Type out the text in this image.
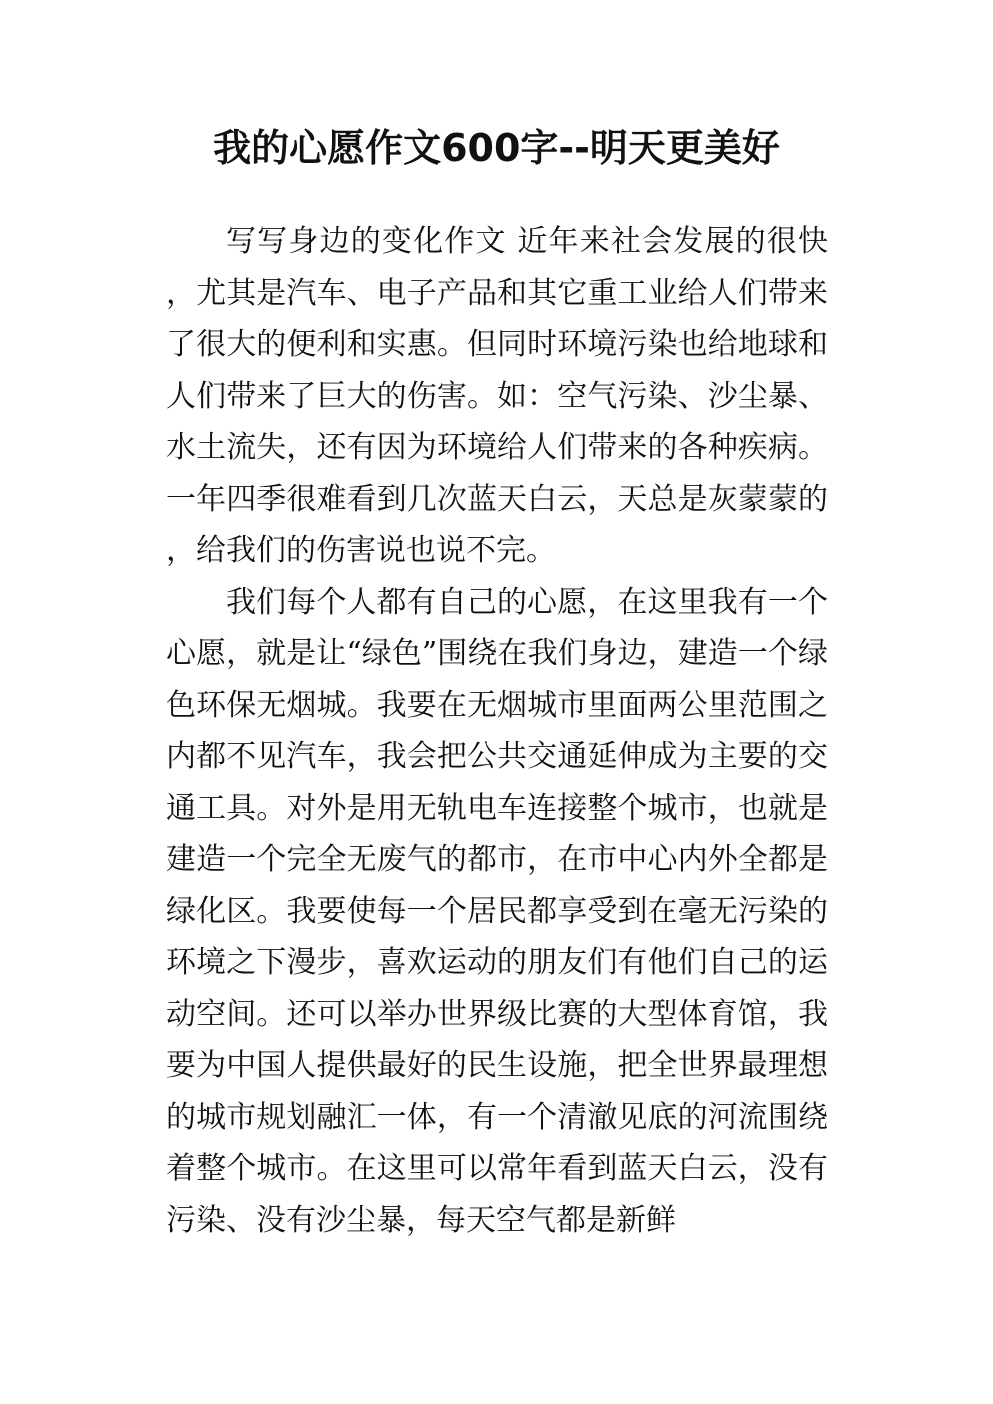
我的心愿作文600字--明天更美好

写写身边的变化作文 近年来社会发展的很快，尤其是汽车、电子产品和其它重工业给人们带来了很大的便利和实惠。但同时环境污染也给地球和人们带来了巨大的伤害。如：空气污染、沙尘暴、水土流失，还有因为环境给人们带来的各种疾病。一年四季很难看到几次蓝天白云，天总是灰蒙蒙的，给我们的伤害说也说不完。

我们每个人都有自己的心愿，在这里我有一个心愿，就是让“绿色”围绕在我们身边，建造一个绿色环保无烟城。我要在无烟城市里面两公里范围之内都不见汽车，我会把公共交通延伸成为主要的交通工具。对外是用无轨电车连接整个城市，也就是建造一个完全无废气的都市，在市中心内外全都是绿化区。我要使每一个居民都享受到在毫无污染的环境之下漫步，喜欢运动的朋友们有他们自己的运动空间。还可以举办世界级比赛的大型体育馆，我要为中国人提供最好的民生设施，把全世界最理想的城市规划融汇一体，有一个清澈见底的河流围绕着整个城市。在这里可以常年看到蓝天白云，没有污染、没有沙尘暴，每天空气都是新鲜
